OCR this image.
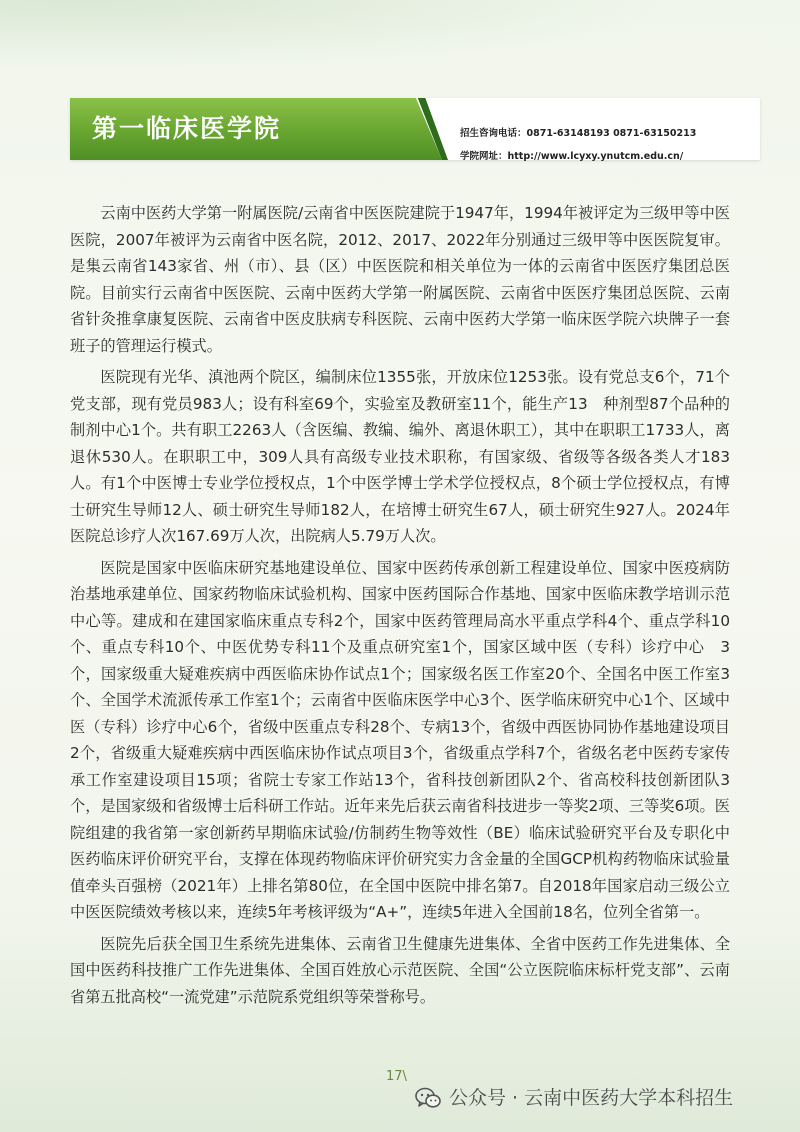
第一临床医学院	招生咨询电话：0871-63148193 0871-63150213
学院网址：http://www.lcyxy.ynutcm.edu.cn/

云南中医药大学第一附属医院/云南省中医医院建院于1947年，1994年被评定为三级甲等中医医院，2007年被评为云南省中医名院，2012、2017、2022年分别通过三级甲等中医医院复审。是集云南省143家省、州（市）、县（区）中医医院和相关单位为一体的云南省中医医疗集团总医院。目前实行云南省中医医院、云南中医药大学第一附属医院、云南省中医医疗集团总医院、云南省针灸推拿康复医院、云南省中医皮肤病专科医院、云南中医药大学第一临床医学院六块牌子一套班子的管理运行模式。

医院现有光华、滇池两个院区，编制床位1355张，开放床位1253张。设有党总支6个，71个党支部，现有党员983人；设有科室69个，实验室及教研室11个，能生产13　种剂型87个品种的制剂中心1个。共有职工2263人（含医编、教编、编外、离退休职工），其中在职职工1733人，离退休530人。在职职工中，309人具有高级专业技术职称，有国家级、省级等各级各类人才183人。有1个中医博士专业学位授权点，1个中医学博士学术学位授权点，8个硕士学位授权点，有博士研究生导师12人、硕士研究生导师182人，在培博士研究生67人，硕士研究生927人。2024年医院总诊疗人次167.69万人次，出院病人5.79万人次。

医院是国家中医临床研究基地建设单位、国家中医药传承创新工程建设单位、国家中医疫病防治基地承建单位、国家药物临床试验机构、国家中医药国际合作基地、国家中医临床教学培训示范中心等。建成和在建国家临床重点专科2个，国家中医药管理局高水平重点学科4个、重点学科10个、重点专科10个、中医优势专科11个及重点研究室1个，国家区域中医（专科）诊疗中心　3个，国家级重大疑难疾病中西医临床协作试点1个；国家级名医工作室20个、全国名中医工作室3个、全国学术流派传承工作室1个；云南省中医临床医学中心3个、医学临床研究中心1个、区域中医（专科）诊疗中心6个，省级中医重点专科28个、专病13个，省级中西医协同协作基地建设项目2个，省级重大疑难疾病中西医临床协作试点项目3个，省级重点学科7个，省级名老中医药专家传承工作室建设项目15项；省院士专家工作站13个，省科技创新团队2个、省高校科技创新团队3个，是国家级和省级博士后科研工作站。近年来先后获云南省科技进步一等奖2项、三等奖6项。医院组建的我省第一家创新药早期临床试验/仿制药生物等效性（BE）临床试验研究平台及专职化中医药临床评价研究平台，支撑在体现药物临床评价研究实力含金量的全国GCP机构药物临床试验量值牵头百强榜（2021年）上排名第80位，在全国中医院中排名第7。自2018年国家启动三级公立中医医院绩效考核以来，连续5年考核评级为“A+”，连续5年进入全国前18名，位列全省第一。

医院先后获全国卫生系统先进集体、云南省卫生健康先进集体、全省中医药工作先进集体、全国中医药科技推广工作先进集体、全国百姓放心示范医院、全国“公立医院临床标杆党支部”、云南省第五批高校“一流党建”示范院系党组织等荣誉称号。

17\
公众号 · 云南中医药大学本科招生
